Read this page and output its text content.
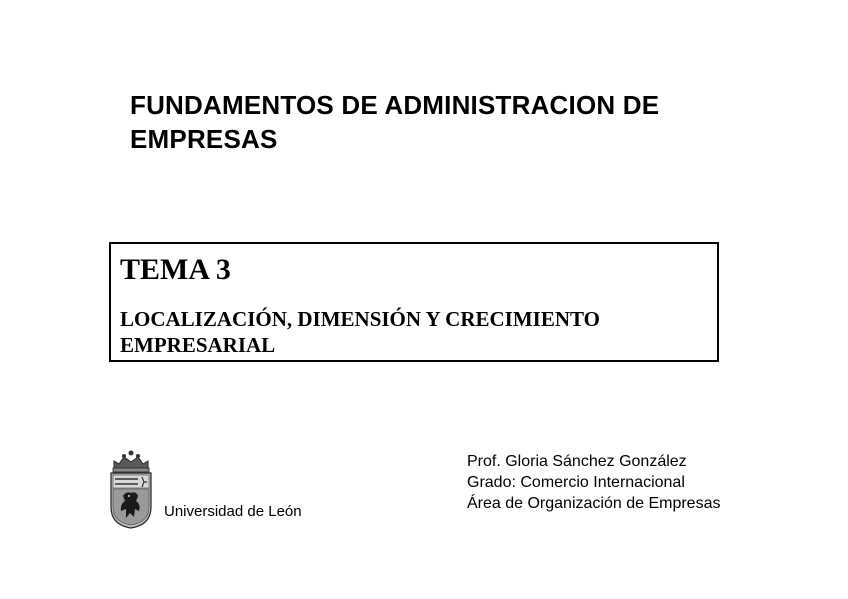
FUNDAMENTOS DE ADMINISTRACION DE
EMPRESAS
TEMA 3
LOCALIZACIÓN, DIMENSIÓN Y CRECIMIENTO
EMPRESARIAL
Universidad de León
Prof. Gloria Sánchez González
Grado: Comercio Internacional
Área de Organización de Empresas
